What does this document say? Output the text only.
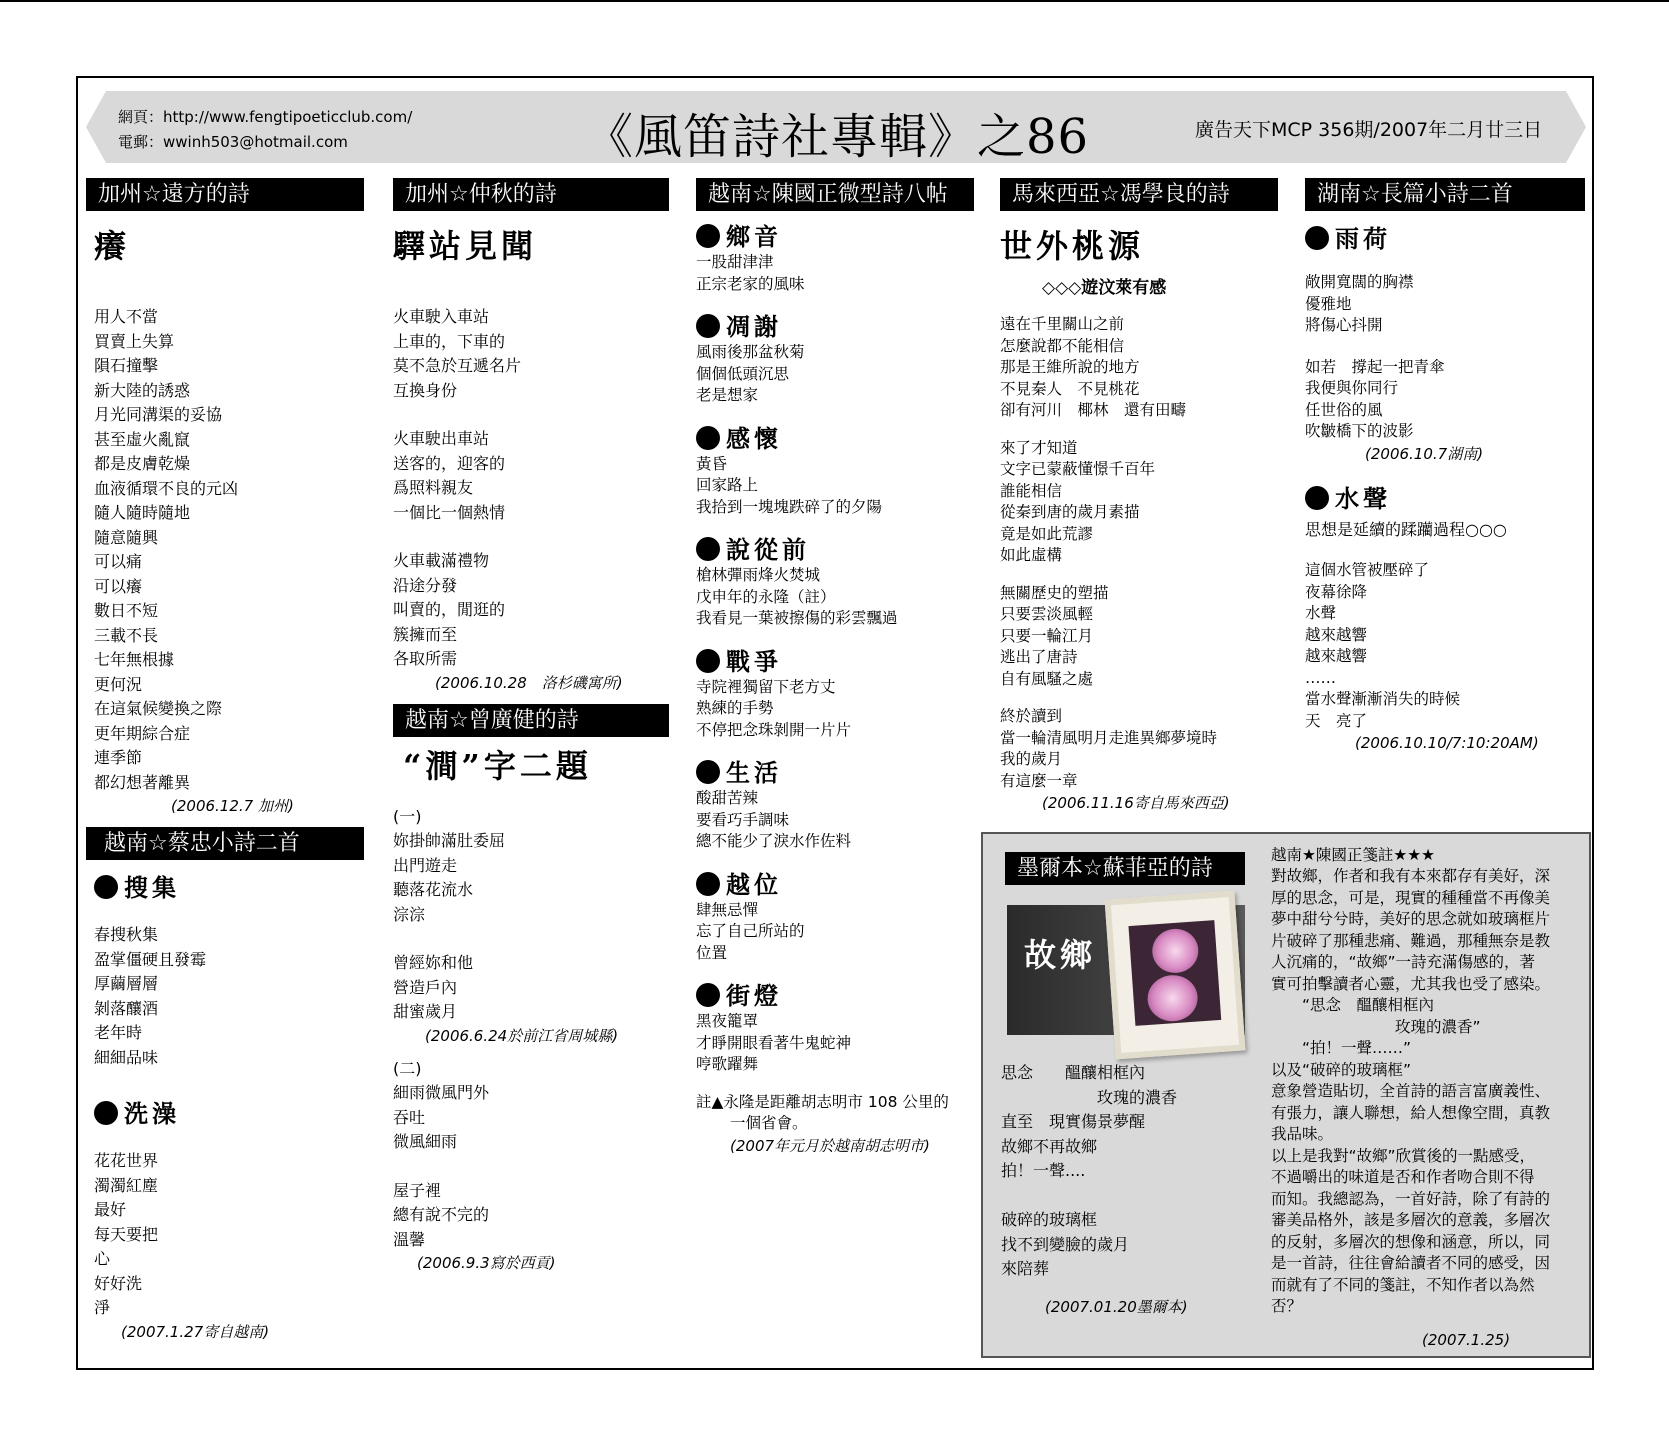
網頁：http://www.fengtipoeticclub.com/
電郵：wwinh503@hotmail.com	《風笛詩社專輯》之86	廣告天下MCP 356期/2007年二月廿三日
加州☆遠方的詩
癢
用人不當
買賣上失算
隕石撞擊
新大陸的誘惑
月光同溝渠的妥協
甚至虛火亂竄
都是皮膚乾燥
血液循環不良的元凶
隨人隨時隨地
隨意隨興
可以痛
可以癢
數日不短
三載不長
七年無根據
更何況
在這氣候變換之際
更年期綜合症
連季節
都幻想著離異
(2006.12.7 加州)
越南☆蔡忠小詩二首
搜集
春搜秋集
盈掌僵硬且發霉
厚繭層層
剝落釀酒
老年時
細細品味
洗澡
花花世界
濁濁紅塵
最好
每天要把
心
好好洗
淨
(2007.1.27寄自越南)
加州☆仲秋的詩
驛站見聞
火車駛入車站
上車的，下車的
莫不急於互遞名片
互換身份
火車駛出車站
送客的，迎客的
爲照料親友
一個比一個熱情
火車載滿禮物
沿途分發
叫賣的，閒逛的
簇擁而至
各取所需
(2006.10.28　洛杉磯寓所)
越南☆曾廣健的詩
“澗”字二題
(一)
妳掛帥滿肚委屈
出門遊走
聽落花流水
淙淙
曾經妳和他
營造戶內
甜蜜歲月
(2006.6.24於前江省周城縣)
(二)
細雨微風門外
吞吐
微風細雨
屋子裡
總有說不完的
溫馨
(2006.9.3寫於西貢)
越南☆陳國正微型詩八帖
鄉音
一股甜津津
正宗老家的風味
凋謝
風雨後那盆秋菊
個個低頭沉思
老是想家
感懷
黃昏
回家路上
我拾到一塊塊跌碎了的夕陽
說從前
槍林彈雨烽火焚城
戊申年的永隆（註）
我看見一葉被擦傷的彩雲飄過
戰爭
寺院裡獨留下老方丈
熟練的手勢
不停把念珠剝開一片片
生活
酸甜苦辣
要看巧手調味
總不能少了淚水作佐料
越位
肆無忌憚
忘了自己所站的
位置
街燈
黑夜籠罩
才睜開眼看著牛鬼蛇神
哼歌躍舞
註▲永隆是距離胡志明市 108 公里的
一個省會。
(2007年元月於越南胡志明市)
馬來西亞☆馮學良的詩
世外桃源
◇◇◇遊汶萊有感
遠在千里關山之前
怎麼說都不能相信
那是王維所說的地方
不見秦人　不見桃花
卻有河川　椰林　還有田疇
來了才知道
文字已蒙蔽懂憬千百年
誰能相信
從秦到唐的歲月素描
竟是如此荒謬
如此虛構
無關歷史的塑描
只要雲淡風輕
只要一輪江月
逃出了唐詩
自有風騷之處
終於讀到
當一輪清風明月走進異鄉夢境時
我的歲月
有這麼一章
(2006.11.16寄自馬來西亞)
湖南☆長篇小詩二首
雨荷
敞開寬闊的胸襟
優雅地
將傷心抖開
如若　撐起一把青傘
我便與你同行
任世俗的風
吹皺橋下的波影
(2006.10.7湖南)
水聲
思想是延續的蹂躪過程○○○
這個水管被壓碎了
夜幕徐降
水聲
越來越響
越來越響
……
當水聲漸漸消失的時候
天　亮了
(2006.10.10/7:10:20AM)
墨爾本☆蘇菲亞的詩
故鄉
思念　　醞釀相框內
　　　　　　玫瑰的濃香
直至　現實傷景夢醒
故鄉不再故鄉
拍！一聲....

破碎的玻璃框
找不到變臉的歲月
來陪葬
(2007.01.20墨爾本)
越南★陳國正箋註★★★
對故鄉，作者和我有本來都存有美好，深
厚的思念，可是，現實的種種當不再像美
夢中甜兮兮時，美好的思念就如玻璃框片
片破碎了那種悲痛、難過，那種無奈是教
人沉痛的，“故鄉”一詩充滿傷感的，著
實可拍擊讀者心靈，尤其我也受了感染。
　　“思念　醞釀相框內
　　　　　　　　玫瑰的濃香”
　　“拍！一聲……”
以及“破碎的玻璃框”
意象營造貼切，全首詩的語言富廣義性、
有張力，讓人聯想，給人想像空間，真教
我品味。
以上是我對“故鄉”欣賞後的一點感受，
不過嚼出的味道是否和作者吻合則不得
而知。我總認為，一首好詩，除了有詩的
審美品格外，該是多層次的意義，多層次
的反射，多層次的想像和涵意，所以，同
是一首詩，往往會給讀者不同的感受，因
而就有了不同的箋註，不知作者以為然
否？
(2007.1.25)
